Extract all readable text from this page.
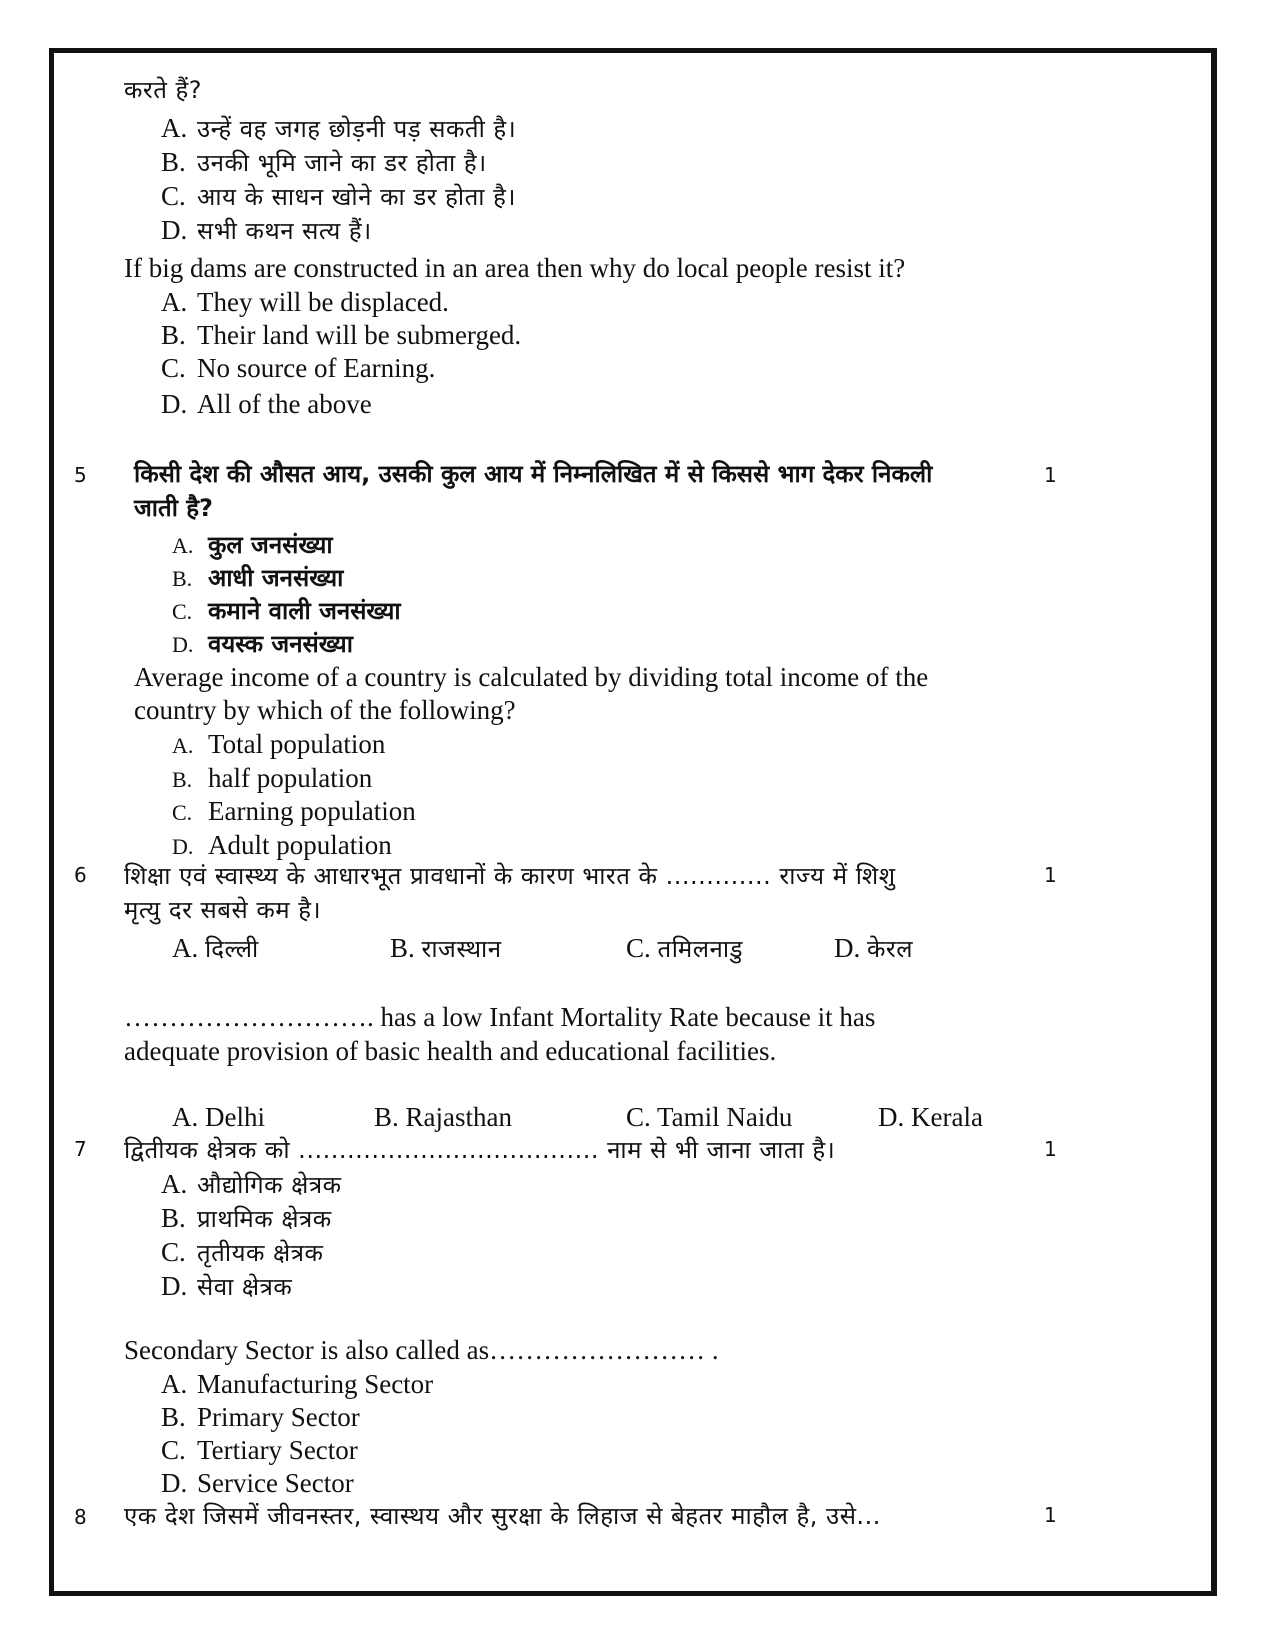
करते हैं?
A. उन्हें वह जगह छोड़नी पड़ सकती है।
B. उनकी भूमि जाने का डर होता है।
C. आय के साधन खोने का डर होता है।
D. सभी कथन सत्य हैं।
If big dams are constructed in an area then why do local people resist it?
A. They will be displaced.
B. Their land will be submerged.
C. No source of Earning.
D. All of the above
5	1
किसी देश की औसत आय, उसकी कुल आय में निम्नलिखित में से किससे भाग देकर निकली
जाती है?
A. कुल जनसंख्या
B. आधी जनसंख्या
C. कमाने वाली जनसंख्या
D. वयस्क जनसंख्या
Average income of a country is calculated by dividing total income of the
country by which of the following?
A. Total population
B. half population
C. Earning population
D. Adult population
6	1
शिक्षा एवं स्वास्थ्य के आधारभूत प्रावधानों के कारण भारत के ............. राज्य में शिशु
मृत्यु दर सबसे कम है।
A. दिल्ली	B. राजस्थान	C. तमिलनाडु	D. केरल
………………………. has a low Infant Mortality Rate because it has
adequate provision of basic health and educational facilities.
A. Delhi	B. Rajasthan	C. Tamil Naidu	D. Kerala
7	1
द्वितीयक क्षेत्रक को ..................................... नाम से भी जाना जाता है।
A. औद्योगिक क्षेत्रक
B. प्राथमिक क्षेत्रक
C. तृतीयक क्षेत्रक
D. सेवा क्षेत्रक
Secondary Sector is also called as…………………… .
A. Manufacturing Sector
B. Primary Sector
C. Tertiary Sector
D. Service Sector
8	1
एक देश जिसमें जीवनस्तर, स्वास्थय और सुरक्षा के लिहाज से बेहतर माहौल है, उसे...
